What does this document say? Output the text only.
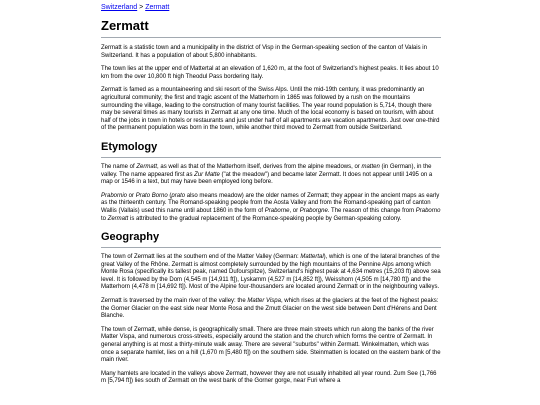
Switzerland > Zermatt
Zermatt

Zermatt is a statistic town and a municipality in the district of Visp in the German-speaking section of the canton of Valais in Switzerland. It has a population of about 5,800 inhabitants.

The town lies at the upper end of Mattertal at an elevation of 1,620 m, at the foot of Switzerland's highest peaks. It lies about 10 km from the over 10,800 ft high Theodul Pass bordering Italy.

Zermatt is famed as a mountaineering and ski resort of the Swiss Alps. Until the mid-19th century, it was predominantly an agricultural community; the first and tragic ascent of the Matterhorn in 1865 was followed by a rush on the mountains surrounding the village, leading to the construction of many tourist facilities. The year round population is 5,714, though there may be several times as many tourists in Zermatt at any one time. Much of the local economy is based on tourism, with about half of the jobs in town in hotels or restaurants and just under half of all apartments are vacation apartments. Just over one-third of the permanent population was born in the town, while another third moved to Zermatt from outside Switzerland.

Etymology

The name of Zermatt, as well as that of the Matterhorn itself, derives from the alpine meadows, or matten (in German), in the valley. The name appeared first as Zur Matte ("at the meadow") and became later Zermatt. It does not appear until 1495 on a map or 1546 in a text, but may have been employed long before.

Prabornio or Prato Borno (prato also means meadow) are the older names of Zermatt; they appear in the ancient maps as early as the thirteenth century. The Romand-speaking people from the Aosta Valley and from the Romand-speaking part of canton Wallis (Vallais) used this name until about 1860 in the form of Praborne, or Praborgne. The reason of this change from Praborno to Zermatt is attributed to the gradual replacement of the Romance-speaking people by German-speaking colony.

Geography

The town of Zermatt lies at the southern end of the Matter Valley (German: Mattertal), which is one of the lateral branches of the great Valley of the Rhône. Zermatt is almost completely surrounded by the high mountains of the Pennine Alps among which Monte Rosa (specifically its tallest peak, named Dufourspitze), Switzerland's highest peak at 4,634 metres (15,203 ft) above sea level. It is followed by the Dom (4,545 m [14,911 ft]), Lyskamm (4,527 m [14,852 ft]), Weisshorn (4,505 m [14,780 ft]) and the Matterhorn (4,478 m [14,692 ft]). Most of the Alpine four-thousanders are located around Zermatt or in the neighbouring valleys.

Zermatt is traversed by the main river of the valley: the Matter Vispa, which rises at the glaciers at the feet of the highest peaks: the Gorner Glacier on the east side near Monte Rosa and the Zmutt Glacier on the west side between Dent d'Hérens and Dent Blanche.

The town of Zermatt, while dense, is geographically small. There are three main streets which run along the banks of the river Matter Vispa, and numerous cross-streets, especially around the station and the church which forms the centre of Zermatt. In general anything is at most a thirty-minute walk away. There are several "suburbs" within Zermatt. Winkelmatten, which was once a separate hamlet, lies on a hill (1,670 m [5,480 ft]) on the southern side. Steinmatten is located on the eastern bank of the main river.

Many hamlets are located in the valleys above Zermatt, however they are not usually inhabited all year round. Zum See (1,766 m [5,794 ft]) lies south of Zermatt on the west bank of the Gorner gorge, near Furi where a
